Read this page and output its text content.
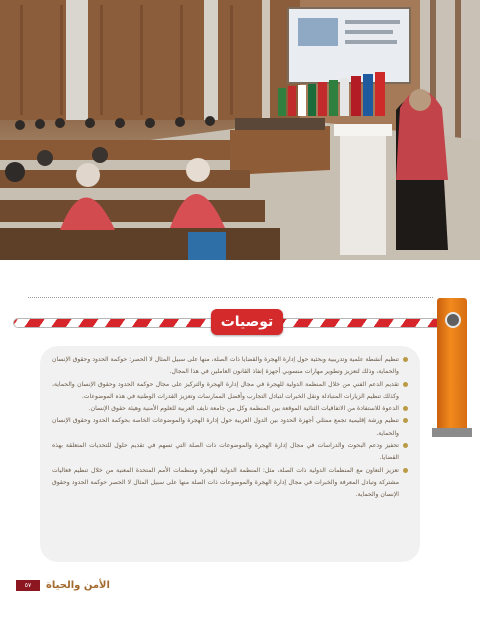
توصيات
تنظيم أنشطة علمية وتدريبية وبحثية حول إدارة الهجرة والقضايا ذات الصلة، منها على سبيل المثال لا الحصر: حوكمة الحدود وحقوق الإنسان والحماية، وذلك لتعزيز وتطوير مهارات منسوبي أجهزة إنفاذ القانون العاملين في هذا المجال.
تقديم الدعم الفني من خلال المنظمة الدولية للهجرة في مجال إدارة الهجرة والتركيز على مجال حوكمة الحدود وحقوق الإنسان والحماية، وكذلك تنظيم الزيارات المتبادلة ونقل الخبرات لتبادل التجارب وأفضل الممارسات وتعزيز القدرات الوطنية في هذه الموضوعات.
الدعوة للاستفادة من الاتفاقيات الثنائية الموقعة بين المنظمة وكل من جامعة نايف العربية للعلوم الأمنية وهيئة حقوق الإنسان.
تنظيم ورشة إقليمية تجمع ممثلي أجهزة الحدود بين الدول العربية حول إدارة الهجرة والموضوعات الخاصة بحوكمة الحدود وحقوق الإنسان والحماية.
تحفيز ودعم البحوث والدراسات في مجال إدارة الهجرة والموضوعات ذات الصلة التي تسهم في تقديم حلول للتحديات المتعلقة بهذه القضايا.
تعزيز التعاون مع المنظمات الدولية ذات الصلة، مثل: المنظمة الدولية للهجرة ومنظمات الأمم المتحدة المعنية من خلال تنظيم فعاليات مشتركة وتبادل المعرفة والخبرات في مجال إدارة الهجرة والموضوعات ذات الصلة منها على سبيل المثال لا الحصر حوكمة الحدود وحقوق الإنسان والحماية.
٥٧	الأمن والحياة
